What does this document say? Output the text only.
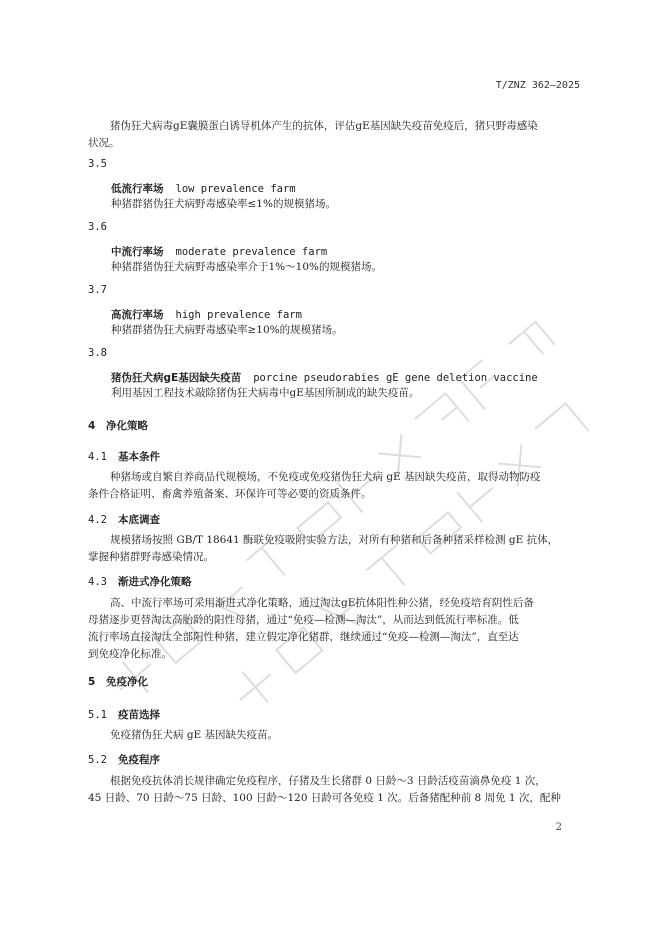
T/ZNZ 362—2025
猪伪狂犬病毒gE囊膜蛋白诱导机体产生的抗体，评估gE基因缺失疫苗免疫后，猪只野毒感染
状况。
3.5
低流行率场 low prevalence farm
种猪群猪伪狂犬病野毒感染率≤1%的规模猪场。
3.6
中流行率场 moderate prevalence farm
种猪群猪伪狂犬病野毒感染率介于1%～10%的规模猪场。
3.7
高流行率场 high prevalence farm
种猪群猪伪狂犬病野毒感染率≥10%的规模猪场。
3.8
猪伪狂犬病gE基因缺失疫苗 porcine pseudorabies gE gene deletion vaccine
利用基因工程技术敲除猪伪狂犬病毒中gE基因所制成的缺失疫苗。
4 净化策略
4.1 基本条件
种猪场或自繁自养商品代规模场，不免疫或免疫猪伪狂犬病 gE 基因缺失疫苗，取得动物防疫
条件合格证明、畜禽养殖备案、环保许可等必要的资质条件。
4.2 本底调查
规模猪场按照 GB/T 18641 酶联免疫吸附实验方法，对所有种猪和后备种猪采样检测 gE 抗体，
掌握种猪群野毒感染情况。
4.3 渐进式净化策略
高、中流行率场可采用渐进式净化策略，通过淘汰gE抗体阳性种公猪，经免疫培育阴性后备
母猪逐步更替淘汰高胎龄的阳性母猪，通过“免疫—检测—淘汰”，从而达到低流行率标准。低
流行率场直接淘汰全部阳性种猪，建立假定净化猪群，继续通过“免疫—检测—淘汰”，直至达
到免疫净化标准。
5 免疫净化
5.1 疫苗选择
免疫猪伪狂犬病 gE 基因缺失疫苗。
5.2 免疫程序
根据免疫抗体消长规律确定免疫程序，仔猪及生长猪群 0 日龄～3 日龄活疫苗滴鼻免疫 1 次，
45 日龄、70 日龄～75 日龄、100 日龄～120 日龄可各免疫 1 次。后备猪配种前 8 周免 1 次，配种
2
